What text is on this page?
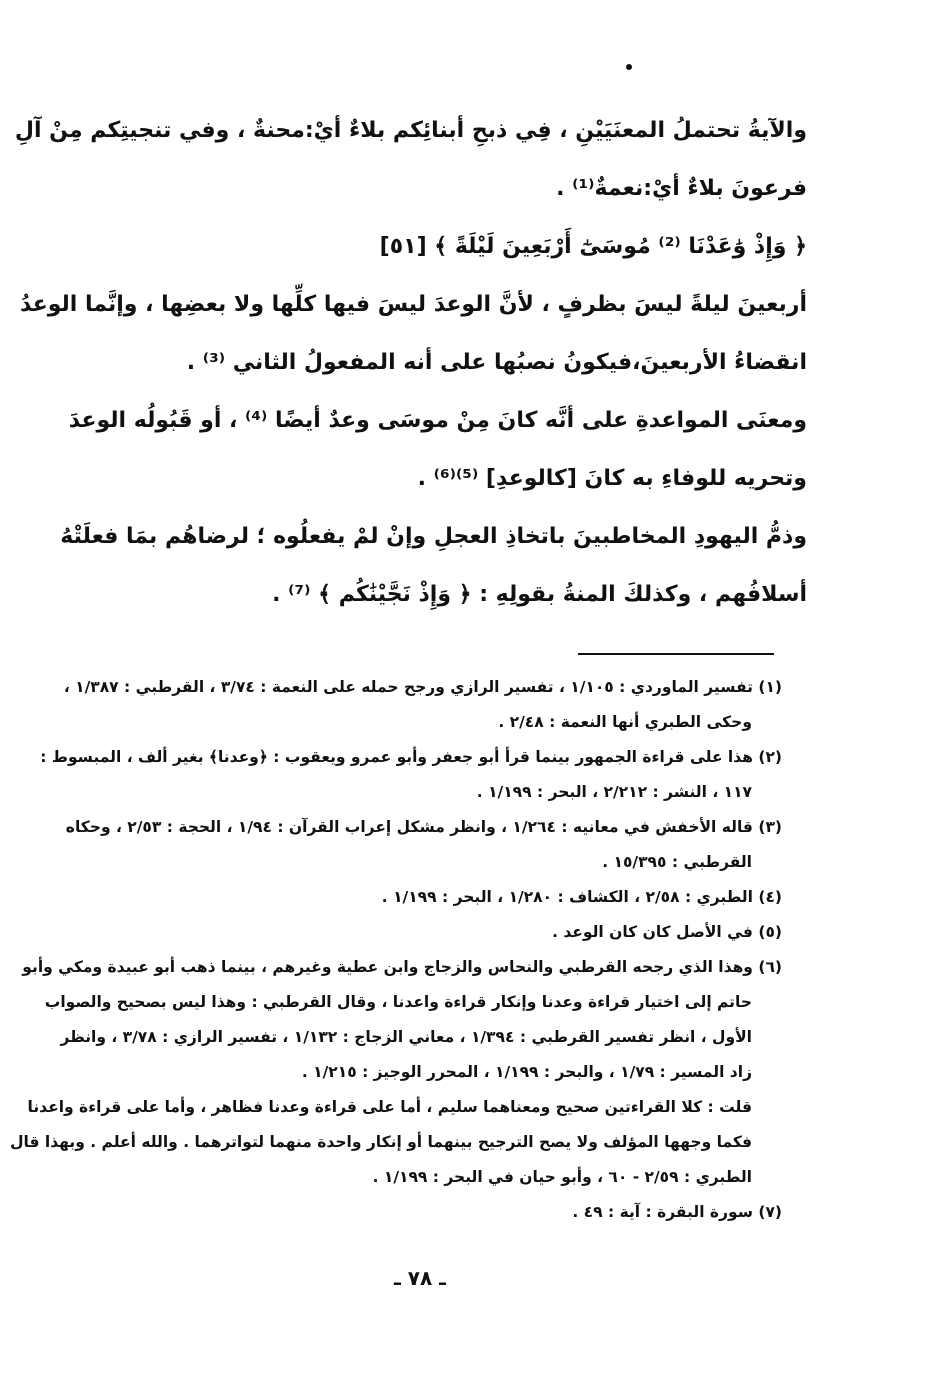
والآيةُ تحتملُ المعنَيَيْنِ ، فِي ذبحِ أبنائِكم بلاءٌ أيْ:محنةٌ ، وفي تنجيتِكم مِنْ آلِ

فرعونَ بلاءٌ أيْ:نعمةٌ⁽¹⁾ .

﴿ وَإِذْ وَٰعَدْنَا ⁽²⁾ مُوسَىٰٓ أَرْبَعِينَ لَيْلَةً ﴾ [٥١]

أربعينَ ليلةً ليسَ بظرفٍ ، لأنَّ الوعدَ ليسَ فيها كلِّها ولا بعضِها ، وإنَّما الوعدُ

انقضاءُ الأربعينَ،فيكونُ نصبُها على أنه المفعولُ الثاني ⁽³⁾ .

ومعنَى المواعدةِ على أنَّه كانَ مِنْ موسَى وعدٌ أيضًا ⁽⁴⁾ ، أو قَبُولُه الوعدَ

وتحريه للوفاءِ به كانَ [كالوعدِ] ⁽⁵⁾⁽⁶⁾ .

وذمُّ اليهودِ المخاطبينَ باتخاذِ العجلِ وإنْ لمْ يفعلُوه ؛ لرضاهُم بمَا فعلَتْهُ

أسلافُهم ، وكذلكَ المنةُ بقولِهِ : ﴿ وَإِذْ نَجَّيْنَٰكُم ﴾ ⁽⁷⁾ .

(١) تفسير الماوردي : ١/١٠٥ ، تفسير الرازي ورجح حمله على النعمة : ٣/٧٤ ، القرطبي : ١/٣٨٧ ،
وحكى الطبري أنها النعمة : ٢/٤٨ .
(٢) هذا على قراءة الجمهور بينما قرأ أبو جعفر وأبو عمرو ويعقوب : ﴿وعدنا﴾ بغير ألف ، المبسوط :
١١٧ ، النشر : ٢/٢١٢ ، البحر : ١/١٩٩ .
(٣) قاله الأخفش في معانيه : ١/٢٦٤ ، وانظر مشكل إعراب القرآن : ١/٩٤ ، الحجة : ٢/٥٣ ، وحكاه
القرطبي : ١٥/٣٩٥ .
(٤) الطبري : ٢/٥٨ ، الكشاف : ١/٢٨٠ ، البحر : ١/١٩٩ .
(٥) في الأصل كان كان الوعد .
(٦) وهذا الذي رجحه القرطبي والنحاس والزجاج وابن عطية وغيرهم ، بينما ذهب أبو عبيدة ومكي وأبو
حاتم إلى اختيار قراءة وعدنا وإنكار قراءة واعدنا ، وقال القرطبي : وهذا ليس بصحيح والصواب
الأول ، انظر تفسير القرطبي : ١/٣٩٤ ، معاني الزجاج : ١/١٣٢ ، تفسير الرازي : ٣/٧٨ ، وانظر
زاد المسير : ١/٧٩ ، والبحر : ١/١٩٩ ، المحرر الوجيز : ١/٢١٥ .
قلت : كلا القراءتين صحيح ومعناهما سليم ، أما على قراءة وعدنا فظاهر ، وأما على قراءة واعدنا
فكما وجهها المؤلف ولا يصح الترجيح بينهما أو إنكار واحدة منهما لتواترهما . والله أعلم . وبهذا قال
الطبري : ٢/٥٩ - ٦٠ ، وأبو حيان في البحر : ١/١٩٩ .
(٧) سورة البقرة : آية : ٤٩ .
ـ ٧٨ ـ
